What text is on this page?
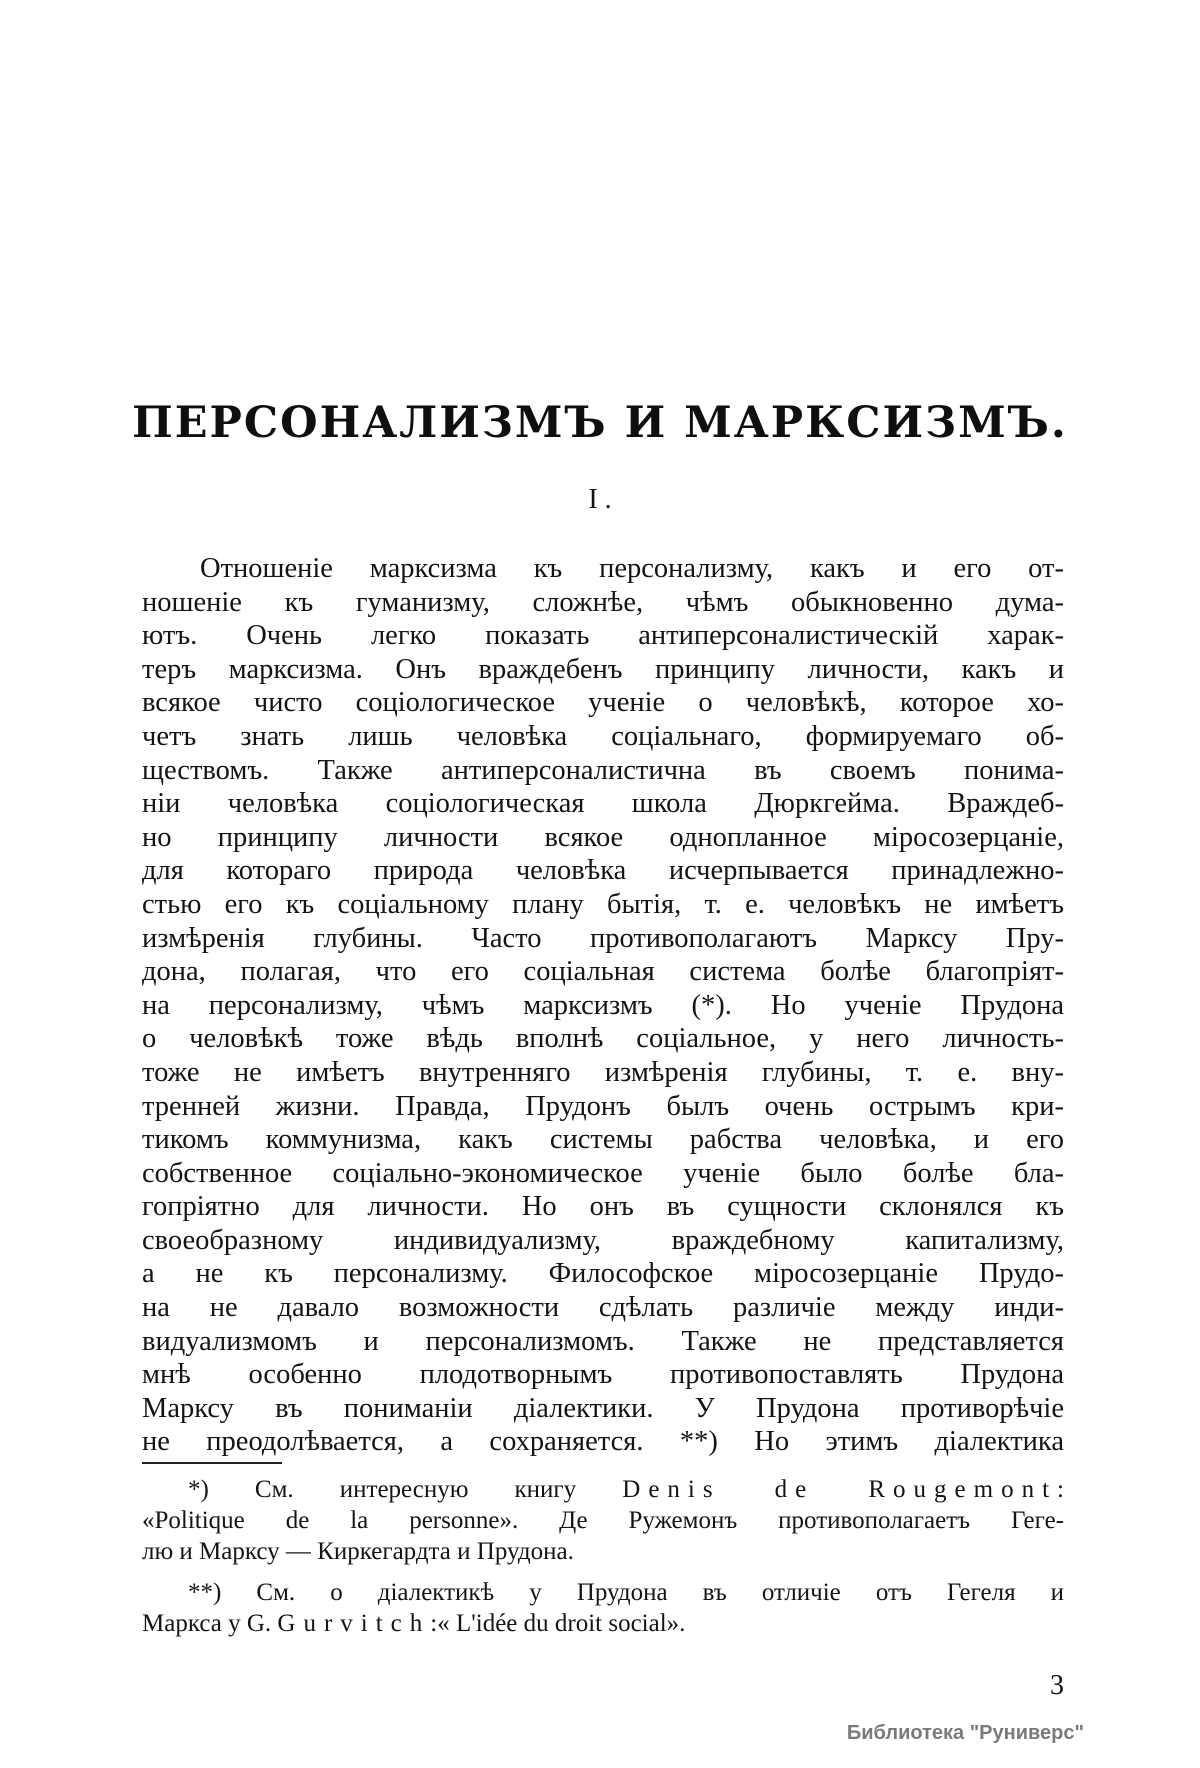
ПЕРСОНАЛИЗМЪ И МАРКСИЗМЪ.
I .
Отношенiе марксизма къ персонализму, какъ и его от-
ношенiе къ гуманизму, сложнѣе, чѣмъ обыкновенно дума-
ютъ. Очень легко показать антиперсоналистическiй харак-
теръ марксизма. Онъ враждебенъ принципу личности, какъ и
всякое чисто соцiологическое ученiе о человѣкѣ, которое хо-
четъ знать лишь человѣка соцiальнаго, формируемаго об-
ществомъ. Также антиперсоналистична въ своемъ понима-
нiи человѣка соцiологическая школа Дюркгейма. Враждеб-
но принципу личности всякое однопланное мiросозерцанiе,
для котораго природа человѣка исчерпывается принадлежно-
стью его къ соцiальному плану бытiя, т. е. человѣкъ не имѣетъ
измѣренiя глубины. Часто противополагаютъ Марксу Пру-
дона, полагая, что его соцiальная система болѣе благопрiят-
на персонализму, чѣмъ марксизмъ (*). Но ученiе Прудона
о человѣкѣ тоже вѣдь вполнѣ соцiальное, у него личность-
тоже не имѣетъ внутренняго измѣренiя глубины, т. е. вну-
тренней жизни. Правда, Прудонъ былъ очень острымъ кри-
тикомъ коммунизма, какъ системы рабства человѣка, и его
собственное соцiально-экономическое ученiе было болѣе бла-
гопрiятно для личности. Но онъ въ сущности склонялся къ
своеобразному индивидуализму, враждебному капитализму,
а не къ персонализму. Философское мiросозерцанiе Прудо-
на не давало возможности сдѣлать различiе между инди-
видуализмомъ и персонализмомъ. Также не представляется
мнѣ особенно плодотворнымъ противопоставлять Прудона
Марксу въ пониманiи дiалектики. У Прудона противорѣчiе
не преодолѣвается, а сохраняется. **) Но этимъ дiалектика
*) См. интересную книгу Denis de Rougemont:
«Politique de la personne». Де Ружемонъ противополагаетъ Геге-
лю и Марксу — Киркегардта и Прудона.
**) См. о дiалектикѣ у Прудона въ отличiе отъ Гегеля и
Маркса у G. Gurvitch:« L'idée du droit social».
3
Библиотека "Руниверс"
